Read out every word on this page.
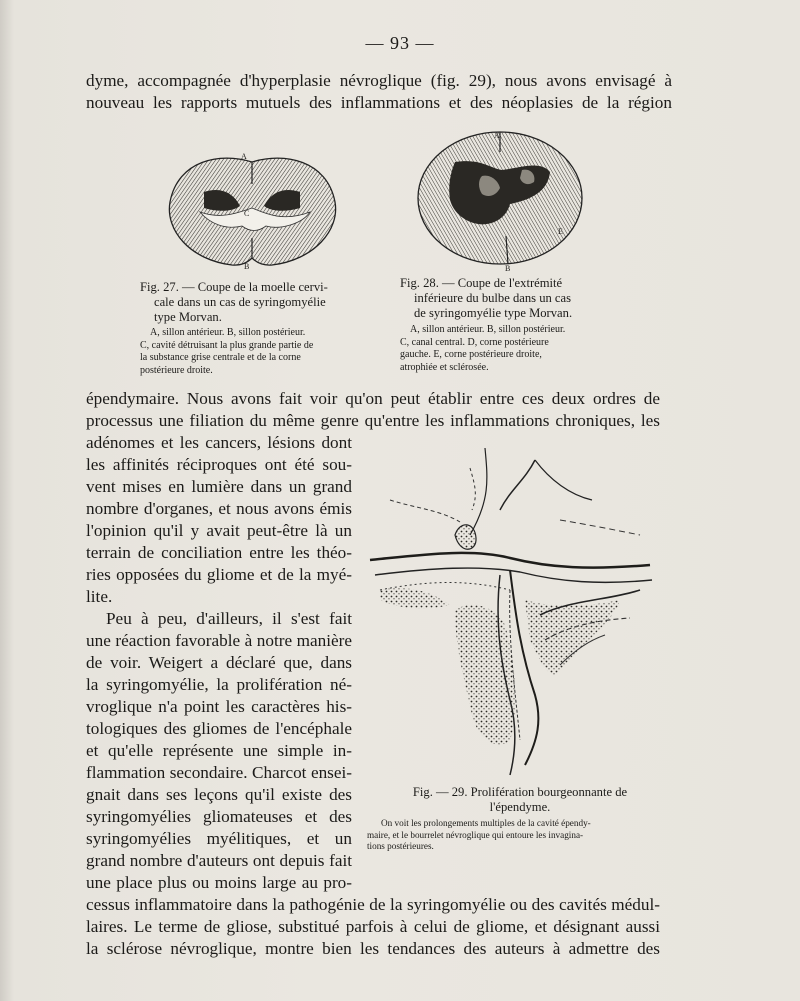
— 93 —
dyme, accompagnée d'hyperplasie névroglique (fig. 29), nous avons envisagé à
nouveau les rapports mutuels des inflammations et des néoplasies de la région
A
C
B
A
E
B
Fig. 27. — Coupe de la moelle cervi-
cale dans un cas de syringomyélie
type Morvan.
A, sillon antérieur. B, sillon postérieur.
C, cavité détruisant la plus grande partie de
la substance grise centrale et de la corne
postérieure droite.
Fig. 28. — Coupe de l'extrémité
inférieure du bulbe dans un cas
de syringomyélie type Morvan.
A, sillon antérieur. B, sillon postérieur.
C, canal central. D, corne postérieure
gauche. E, corne postérieure droite,
atrophiée et sclérosée.
épendymaire. Nous avons fait voir qu'on peut établir entre ces deux ordres de
processus une filiation du même genre qu'entre les inflammations chroniques, les
adénomes et les cancers, lésions dont
les affinités réciproques ont été sou-
vent mises en lumière dans un grand
nombre d'organes, et nous avons émis
l'opinion qu'il y avait peut-être là un
terrain de conciliation entre les théo-
ries opposées du gliome et de la myé-
lite.
Peu à peu, d'ailleurs, il s'est fait
une réaction favorable à notre manière
de voir. Weigert a déclaré que, dans
la syringomyélie, la prolifération né-
vroglique n'a point les caractères his-
tologiques des gliomes de l'encéphale
et qu'elle représente une simple in-
flammation secondaire. Charcot ensei-
gnait dans ses leçons qu'il existe des
syringomyélies gliomateuses et des
syringomyélies myélitiques, et un
grand nombre d'auteurs ont depuis fait
une place plus ou moins large au pro-
Fig. — 29. Prolifération bourgeonnante de
l'épendyme.
On voit les prolongements multiples de la cavité épendy-
maire, et le bourrelet névroglique qui entoure les invagina-
tions postérieures.
cessus inflammatoire dans la pathogénie de la syringomyélie ou des cavités médul-
laires. Le terme de gliose, substitué parfois à celui de gliome, et désignant aussi
la sclérose névroglique, montre bien les tendances des auteurs à admettre des
